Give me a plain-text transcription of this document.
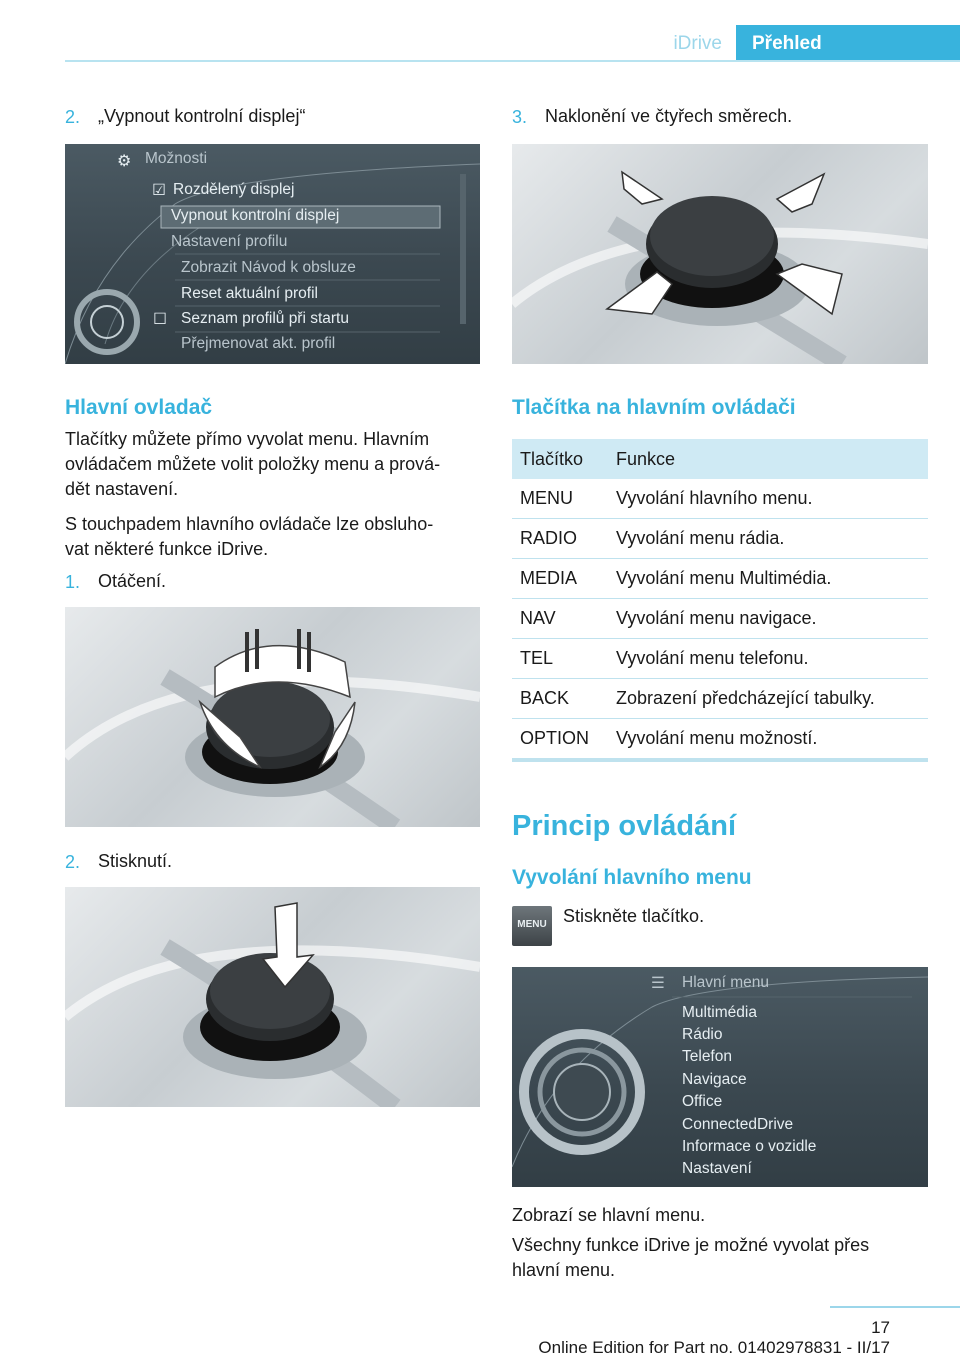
iDrive	Přehled
2. „Vypnout kontrolní displej“
⚙ Možnosti
☑ Rozdělený displej
Vypnout kontrolní displej
Nastavení profilu
Zobrazit Návod k obsluze
Reset aktuální profil
☐ Seznam profilů při startu
Přejmenovat akt. profil
Hlavní ovladač
Tlačítky můžete přímo vyvolat menu. Hlavním
ovládačem můžete volit položky menu a prová‐
dět nastavení.
S touchpadem hlavního ovládače lze obsluho‐
vat některé funkce iDrive.
1. Otáčení.
2. Stisknutí.
3. Naklonění ve čtyřech směrech.
Tlačítka na hlavním ovládači
Tlačítko	Funkce
MENU	Vyvolání hlavního menu.
RADIO	Vyvolání menu rádia.
MEDIA	Vyvolání menu Multimédia.
NAV	Vyvolání menu navigace.
TEL	Vyvolání menu telefonu.
BACK	Zobrazení předcházející tabulky.
OPTION	Vyvolání menu možností.
Princip ovládání
Vyvolání hlavního menu
MENU Stiskněte tlačítko.
☰ Hlavní menu
Multimédia
Rádio
Telefon
Navigace
Office
ConnectedDrive
Informace o vozidle
Nastavení
Zobrazí se hlavní menu.
Všechny funkce iDrive je možné vyvolat přes
hlavní menu.
17
Online Edition for Part no. 01402978831 - II/17
